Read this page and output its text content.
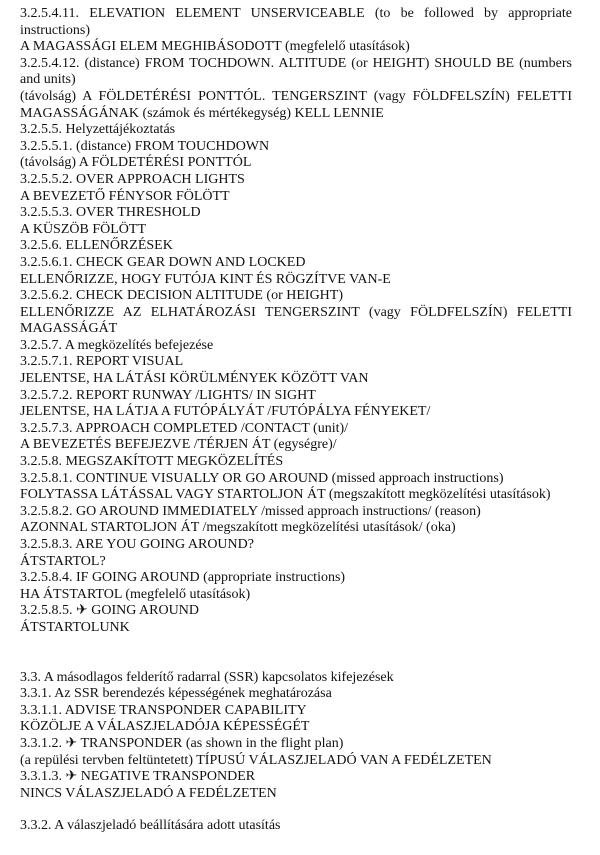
3.2.5.4.11. ELEVATION ELEMENT UNSERVICEABLE (to be followed by appropriate instructions)
A MAGASSÁGI ELEM MEGHIBÁSODOTT (megfelelő utasítások)
3.2.5.4.12. (distance) FROM TOCHDOWN. ALTITUDE (or HEIGHT) SHOULD BE (numbers and units)
(távolság) A FÖLDETÉRÉSI PONTTÓL. TENGERSZINT (vagy FÖLDFELSZÍN) FELETTI MAGASSÁGÁNAK (számok és mértékegység) KELL LENNIE
3.2.5.5. Helyzettájékoztatás
3.2.5.5.1. (distance) FROM TOUCHDOWN
(távolság) A FÖLDETÉRÉSI PONTTÓL
3.2.5.5.2. OVER APPROACH LIGHTS
A BEVEZETŐ FÉNYSOR FÖLÖTT
3.2.5.5.3. OVER THRESHOLD
A KÜSZÖB FÖLÖTT
3.2.5.6. ELLENŐRZÉSEK
3.2.5.6.1. CHECK GEAR DOWN AND LOCKED
ELLENŐRIZZE, HOGY FUTÓJA KINT ÉS RÖGZÍTVE VAN-E
3.2.5.6.2. CHECK DECISION ALTITUDE (or HEIGHT)
ELLENŐRIZZE AZ ELHATÁROZÁSI TENGERSZINT (vagy FÖLDFELSZÍN) FELETTI MAGASSÁGÁT
3.2.5.7. A megközelítés befejezése
3.2.5.7.1. REPORT VISUAL
JELENTSE, HA LÁTÁSI KÖRÜLMÉNYEK KÖZÖTT VAN
3.2.5.7.2. REPORT RUNWAY /LIGHTS/ IN SIGHT
JELENTSE, HA LÁTJA A FUTÓPÁLYÁT /FUTÓPÁLYA FÉNYEKET/
3.2.5.7.3. APPROACH COMPLETED /CONTACT (unit)/
A BEVEZETÉS BEFEJEZVE /TÉRJEN ÁT (egységre)/
3.2.5.8. MEGSZAKÍTOTT MEGKÖZELÍTÉS
3.2.5.8.1. CONTINUE VISUALLY OR GO AROUND (missed approach instructions)
FOLYTASSA LÁTÁSSAL VAGY STARTOLJON ÁT (megszakított megközelítési utasítások)
3.2.5.8.2. GO AROUND IMMEDIATELY /missed approach instructions/ (reason)
AZONNAL STARTOLJON ÁT /megszakított megközelítési utasítások/ (oka)
3.2.5.8.3. ARE YOU GOING AROUND?
ÁTSTARTOL?
3.2.5.8.4. IF GOING AROUND (appropriate instructions)
HA ÁTSTARTOL (megfelelő utasítások)
3.2.5.8.5. ✈ GOING AROUND
ÁTSTARTOLUNK
3.3. A másodlagos felderítő radarral (SSR) kapcsolatos kifejezések
3.3.1. Az SSR berendezés képességének meghatározása
3.3.1.1. ADVISE TRANSPONDER CAPABILITY
KÖZÖLJE A VÁLASZJELADÓJA KÉPESSÉGÉT
3.3.1.2. ✈ TRANSPONDER (as shown in the flight plan)
(a repülési tervben feltüntetett) TÍPUSÚ VÁLASZJELADÓ VAN A FEDÉLZETEN
3.3.1.3. ✈ NEGATIVE TRANSPONDER
NINCS VÁLASZJELADÓ A FEDÉLZETEN
3.3.2. A válaszjeladó beállítására adott utasítás
